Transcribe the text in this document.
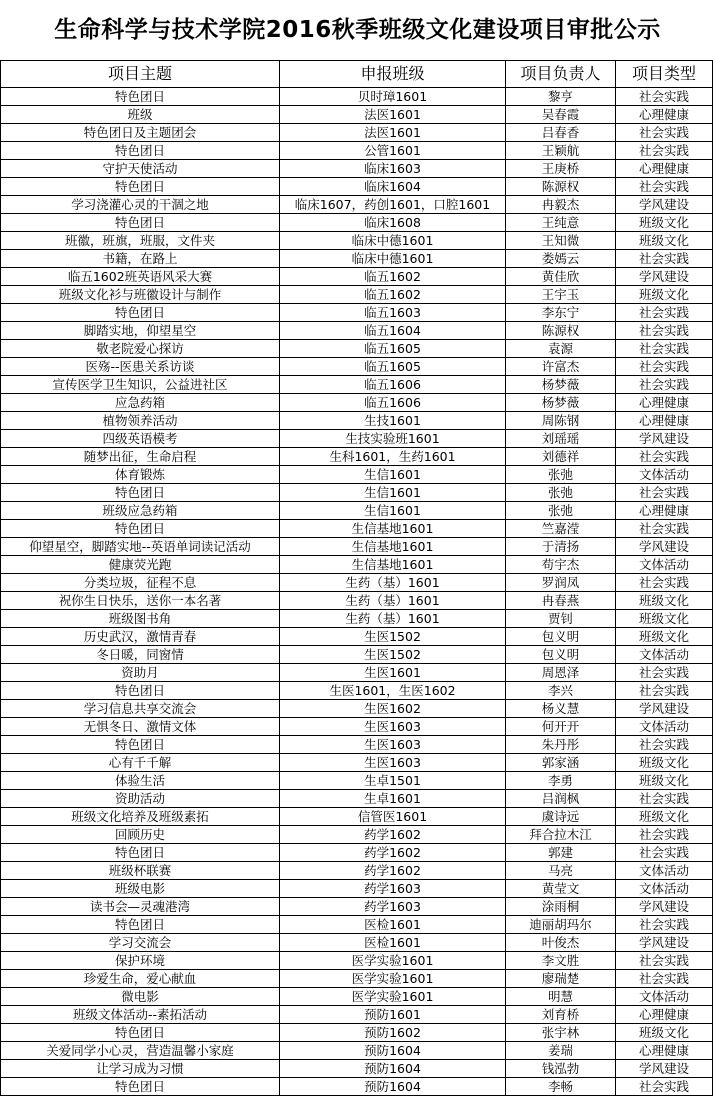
生命科学与技术学院2016秋季班级文化建设项目审批公示
项目主题	申报班级	项目负责人	项目类型
特色团日	贝时璋1601	黎亨	社会实践
班级	法医1601	吴春霞	心理健康
特色团日及主题团会	法医1601	吕春香	社会实践
特色团日	公管1601	王颖航	社会实践
守护天使活动	临床1603	王庚桥	心理健康
特色团日	临床1604	陈源权	社会实践
学习浇灌心灵的干涸之地	临床1607，药创1601，口腔1601	冉毅杰	学风建设
特色团日	临床1608	王纯意	班级文化
班徽，班旗，班服，文件夹	临床中德1601	王知微	班级文化
书籍，在路上	临床中德1601	娄嫣云	社会实践
临五1602班英语风采大赛	临五1602	黄佳欣	学风建设
班级文化衫与班徽设计与制作	临五1602	王宇玉	班级文化
特色团日	临五1603	李东宁	社会实践
脚踏实地，仰望星空	临五1604	陈源权	社会实践
敬老院爱心探访	临五1605	袁源	社会实践
医殇--医患关系访谈	临五1605	许富杰	社会实践
宣传医学卫生知识，公益进社区	临五1606	杨梦薇	社会实践
应急药箱	临五1606	杨梦薇	心理健康
植物领养活动	生技1601	周陈钢	心理健康
四级英语模考	生技实验班1601	刘瑶瑶	学风建设
随梦出征，生命启程	生科1601，生药1601	刘德祥	社会实践
体育锻炼	生信1601	张弛	文体活动
特色团日	生信1601	张弛	社会实践
班级应急药箱	生信1601	张弛	心理健康
特色团日	生信基地1601	竺嘉滢	社会实践
仰望星空，脚踏实地--英语单词读记活动	生信基地1601	于清扬	学风建设
健康荧光跑	生信基地1601	苟宇杰	文体活动
分类垃圾，征程不息	生药（基）1601	罗润凤	社会实践
祝你生日快乐，送你一本名著	生药（基）1601	冉春燕	班级文化
班级图书角	生药（基）1601	贾钊	班级文化
历史武汉，激情青春	生医1502	包义明	班级文化
冬日暖，同窗情	生医1502	包义明	文体活动
资助月	生医1601	周恩泽	社会实践
特色团日	生医1601，生医1602	李兴	社会实践
学习信息共享交流会	生医1602	杨义慧	学风建设
无惧冬日、激情文体	生医1603	何开开	文体活动
特色团日	生医1603	朱丹彤	社会实践
心有千千解	生医1603	郭家涵	班级文化
体验生活	生卓1501	李勇	班级文化
资助活动	生卓1601	吕润枫	社会实践
班级文化培养及班级素拓	信管医1601	虞诗远	班级文化
回顾历史	药学1602	拜合拉木江	社会实践
特色团日	药学1602	郭建	社会实践
班级杯联赛	药学1602	马亮	文体活动
班级电影	药学1603	黄莹文	文体活动
读书会—灵魂港湾	药学1603	涂雨桐	学风建设
特色团日	医检1601	迪丽胡玛尔	社会实践
学习交流会	医检1601	叶俊杰	学风建设
保护环境	医学实验1601	李文胜	社会实践
珍爱生命，爱心献血	医学实验1601	廖瑞楚	社会实践
微电影	医学实验1601	明慧	文体活动
班级文体活动--素拓活动	预防1601	刘育桥	心理健康
特色团日	预防1602	张宇林	班级文化
关爱同学小心灵，营造温馨小家庭	预防1604	姜瑞	心理健康
让学习成为习惯	预防1604	钱泓勃	学风建设
特色团日	预防1604	李畅	社会实践
